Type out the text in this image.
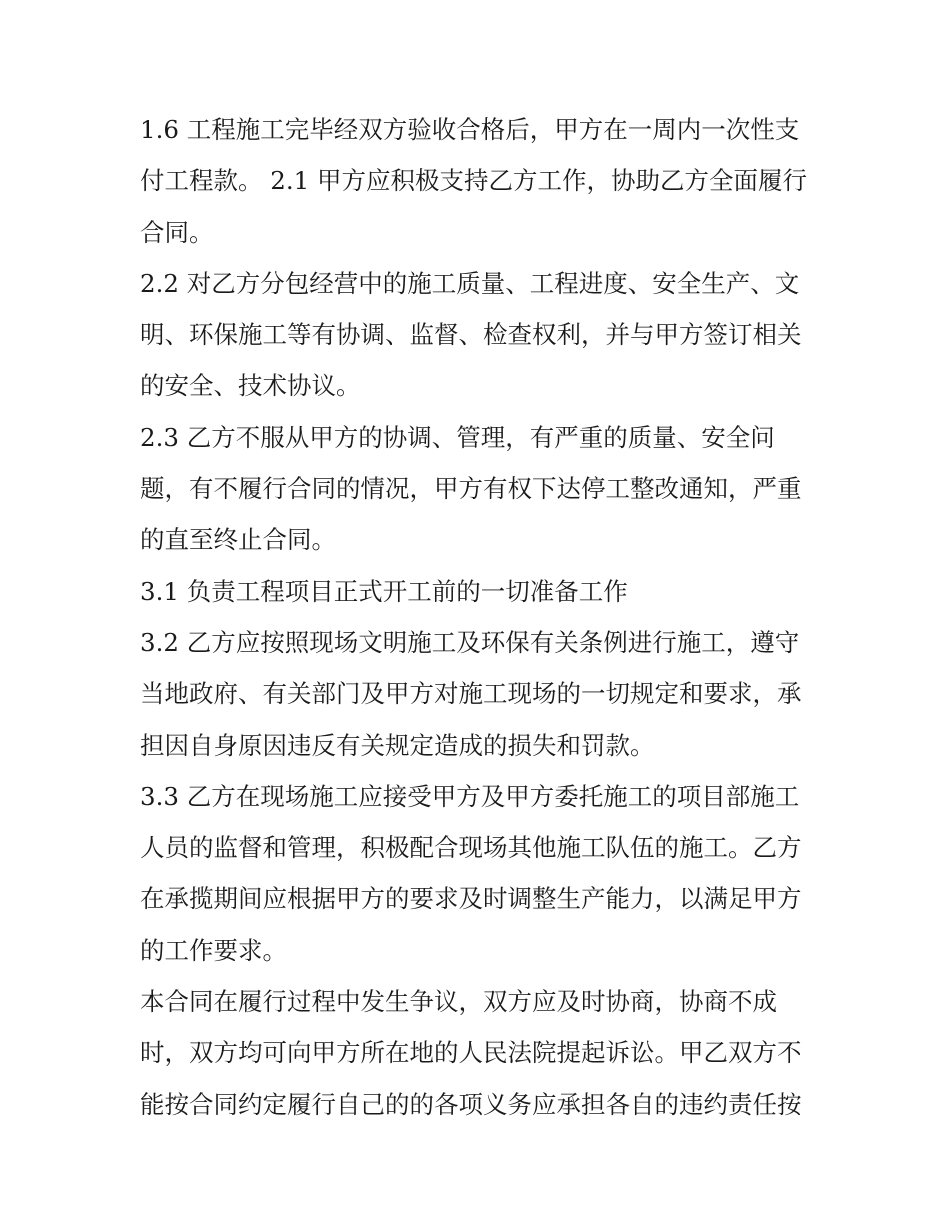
1.6 工程施工完毕经双方验收合格后，甲方在一周内一次性支付工程款。 2.1 甲方应积极支持乙方工作，协助乙方全面履行合同。

2.2 对乙方分包经营中的施工质量、工程进度、安全生产、文明、环保施工等有协调、监督、检查权利，并与甲方签订相关的安全、技术协议。

2.3 乙方不服从甲方的协调、管理，有严重的质量、安全问题，有不履行合同的情况，甲方有权下达停工整改通知，严重的直至终止合同。

3.1 负责工程项目正式开工前的一切准备工作

3.2 乙方应按照现场文明施工及环保有关条例进行施工，遵守当地政府、有关部门及甲方对施工现场的一切规定和要求，承担因自身原因违反有关规定造成的损失和罚款。

3.3 乙方在现场施工应接受甲方及甲方委托施工的项目部施工人员的监督和管理，积极配合现场其他施工队伍的施工。乙方在承揽期间应根据甲方的要求及时调整生产能力，以满足甲方的工作要求。

本合同在履行过程中发生争议，双方应及时协商，协商不成时，双方均可向甲方所在地的人民法院提起诉讼。甲乙双方不能按合同约定履行自己的的各项义务应承担各自的违约责任按
